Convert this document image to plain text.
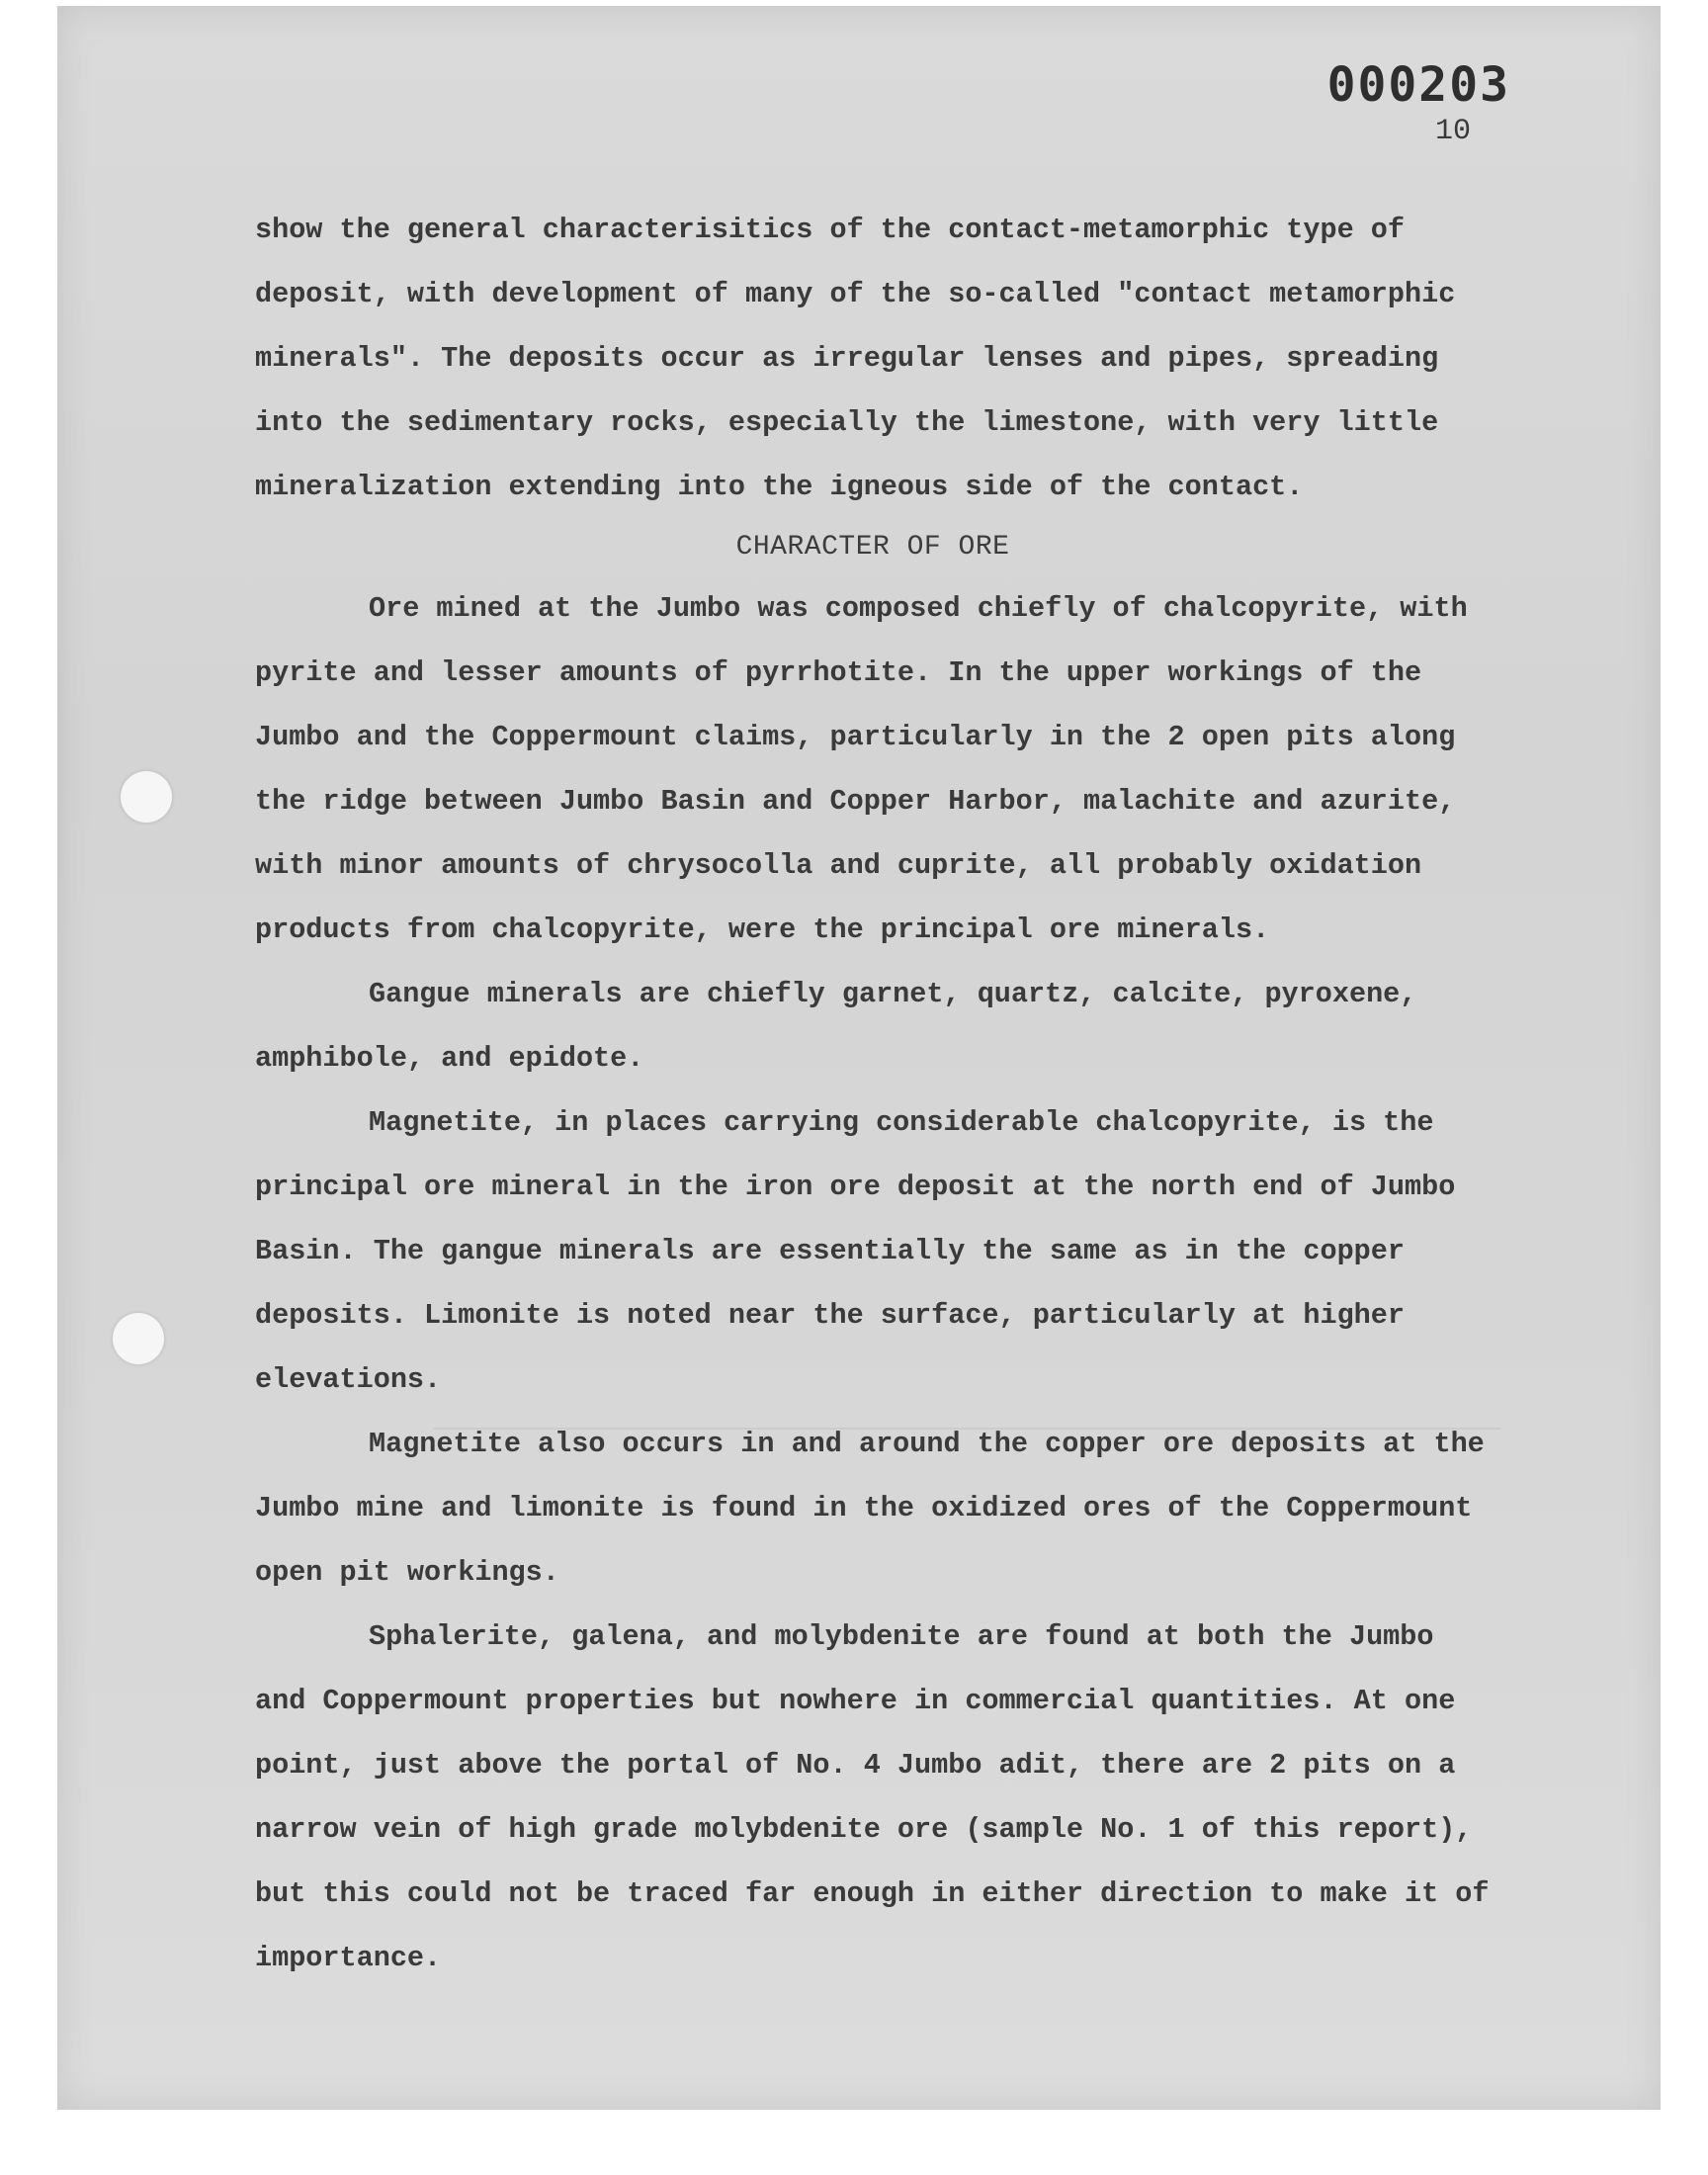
000203
10

show the general characterisitics of the contact-metamorphic type of deposit, with development of many of the so-called "contact metamorphic minerals". The deposits occur as irregular lenses and pipes, spreading into the sedimentary rocks, especially the limestone, with very little mineralization extending into the igneous side of the contact.

CHARACTER OF ORE

Ore mined at the Jumbo was composed chiefly of chalcopyrite, with pyrite and lesser amounts of pyrrhotite. In the upper workings of the Jumbo and the Coppermount claims, particularly in the 2 open pits along the ridge between Jumbo Basin and Copper Harbor, malachite and azurite, with minor amounts of chrysocolla and cuprite, all probably oxidation products from chalcopyrite, were the principal ore minerals.

Gangue minerals are chiefly garnet, quartz, calcite, pyroxene, amphibole, and epidote.

Magnetite, in places carrying considerable chalcopyrite, is the principal ore mineral in the iron ore deposit at the north end of Jumbo Basin. The gangue minerals are essentially the same as in the copper deposits. Limonite is noted near the surface, particularly at higher elevations.

Magnetite also occurs in and around the copper ore deposits at the Jumbo mine and limonite is found in the oxidized ores of the Coppermount open pit workings.

Sphalerite, galena, and molybdenite are found at both the Jumbo and Coppermount properties but nowhere in commercial quantities. At one point, just above the portal of No. 4 Jumbo adit, there are 2 pits on a narrow vein of high grade molybdenite ore (sample No. 1 of this report), but this could not be traced far enough in either direction to make it of importance.
